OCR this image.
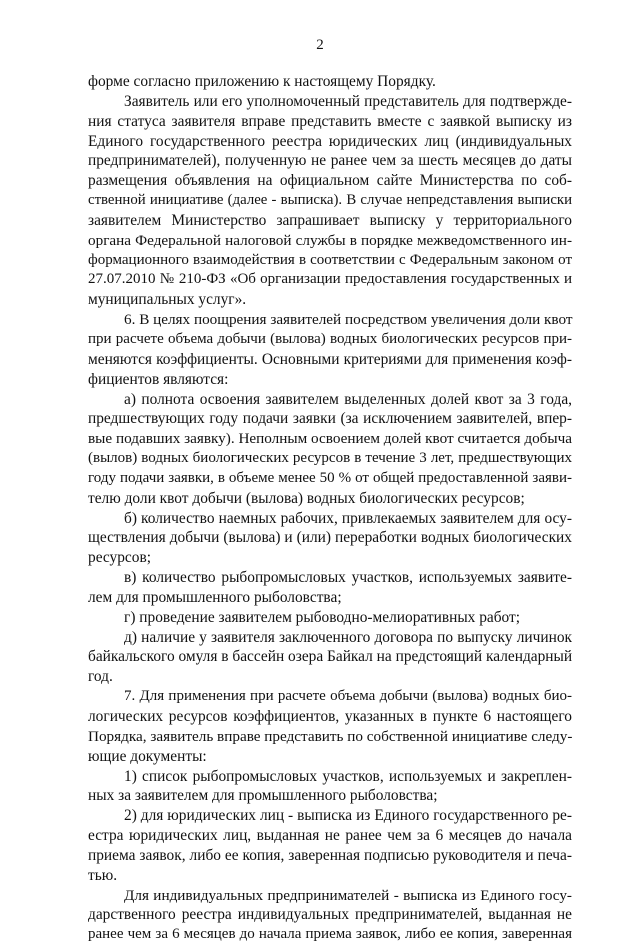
2
форме согласно приложению к настоящему Порядку.
Заявитель или его уполномоченный представитель для подтвержде-
ния статуса заявителя вправе представить вместе с заявкой выписку из
Единого государственного реестра юридических лиц (индивидуальных
предпринимателей), полученную не ранее чем за шесть месяцев до даты
размещения объявления на официальном сайте Министерства по соб-
ственной инициативе (далее - выписка). В случае непредставления выписки
заявителем Министерство запрашивает выписку у территориального
органа Федеральной налоговой службы в порядке межведомственного ин-
формационного взаимодействия в соответствии с Федеральным законом от
27.07.2010 № 210-ФЗ «Об организации предоставления государственных и
муниципальных услуг».
6. В целях поощрения заявителей посредством увеличения доли квот
при расчете объема добычи (вылова) водных биологических ресурсов при-
меняются коэффициенты. Основными критериями для применения коэф-
фициентов являются:
а) полнота освоения заявителем выделенных долей квот за 3 года,
предшествующих году подачи заявки (за исключением заявителей, впер-
вые подавших заявку). Неполным освоением долей квот считается добыча
(вылов) водных биологических ресурсов в течение 3 лет, предшествующих
году подачи заявки, в объеме менее 50 % от общей предоставленной заяви-
телю доли квот добычи (вылова) водных биологических ресурсов;
б) количество наемных рабочих, привлекаемых заявителем для осу-
ществления добычи (вылова) и (или) переработки водных биологических
ресурсов;
в) количество рыбопромысловых участков, используемых заявите-
лем для промышленного рыболовства;
г) проведение заявителем рыбоводно-мелиоративных работ;
д) наличие у заявителя заключенного договора по выпуску личинок
байкальского омуля в бассейн озера Байкал на предстоящий календарный
год.
7. Для применения при расчете объема добычи (вылова) водных био-
логических ресурсов коэффициентов, указанных в пункте 6 настоящего
Порядка, заявитель вправе представить по собственной инициативе следу-
ющие документы:
1) список рыбопромысловых участков, используемых и закреплен-
ных за заявителем для промышленного рыболовства;
2) для юридических лиц - выписка из Единого государственного ре-
естра юридических лиц, выданная не ранее чем за 6 месяцев до начала
приема заявок, либо ее копия, заверенная подписью руководителя и печа-
тью.
Для индивидуальных предпринимателей - выписка из Единого госу-
дарственного реестра индивидуальных предпринимателей, выданная не
ранее чем за 6 месяцев до начала приема заявок, либо ее копия, заверенная
